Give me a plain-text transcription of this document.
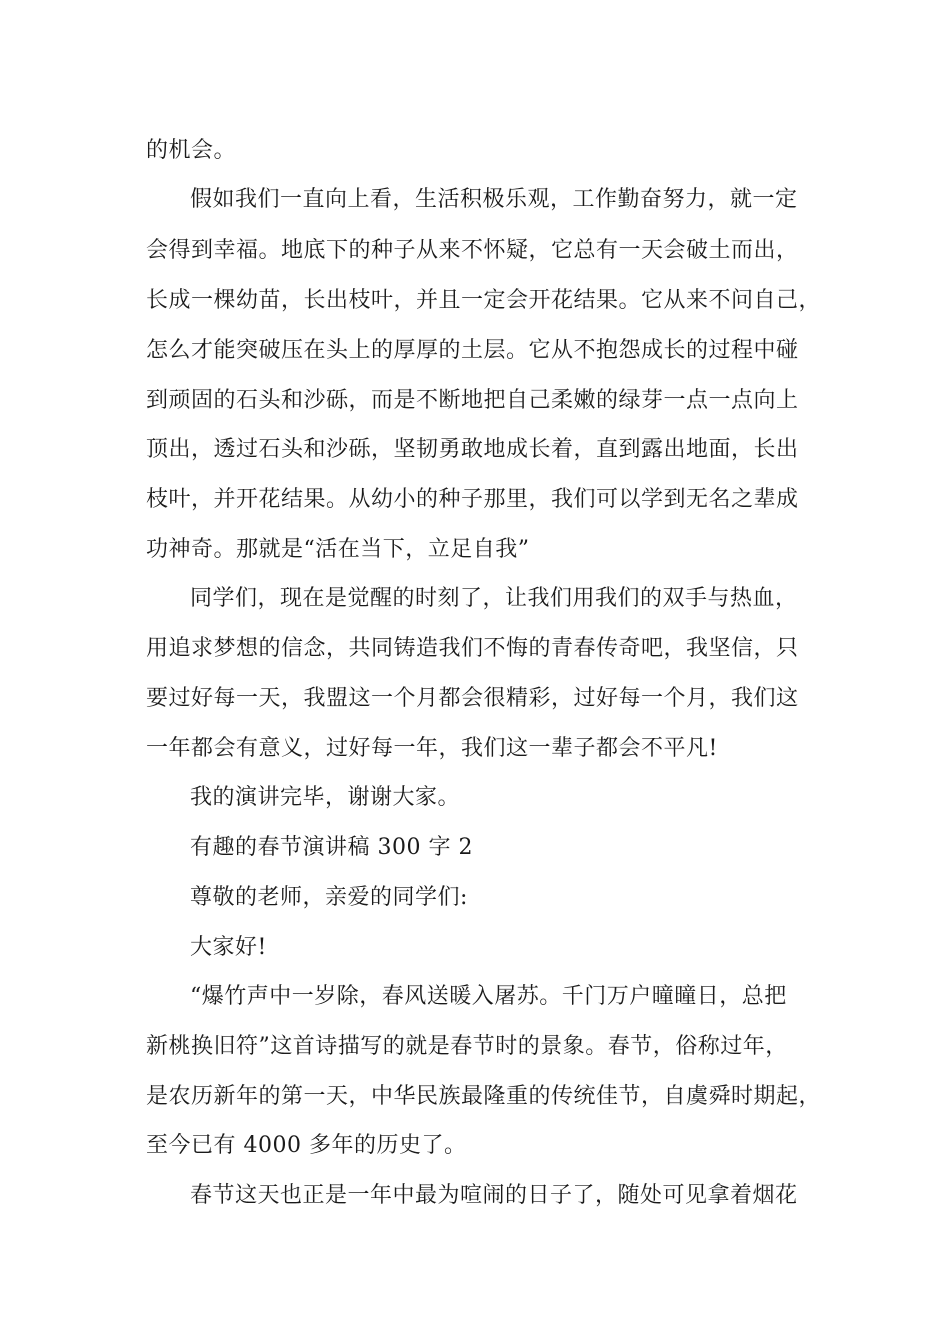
的机会。
假如我们一直向上看，生活积极乐观，工作勤奋努力，就一定
会得到幸福。地底下的种子从来不怀疑，它总有一天会破土而出，
长成一棵幼苗，长出枝叶，并且一定会开花结果。它从来不问自己，
怎么才能突破压在头上的厚厚的土层。它从不抱怨成长的过程中碰
到顽固的石头和沙砾，而是不断地把自己柔嫩的绿芽一点一点向上
顶出，透过石头和沙砾，坚韧勇敢地成长着，直到露出地面，长出
枝叶，并开花结果。从幼小的种子那里，我们可以学到无名之辈成
功神奇。那就是“活在当下，立足自我”
同学们，现在是觉醒的时刻了，让我们用我们的双手与热血，
用追求梦想的信念，共同铸造我们不悔的青春传奇吧，我坚信，只
要过好每一天，我盟这一个月都会很精彩，过好每一个月，我们这
一年都会有意义，过好每一年，我们这一辈子都会不平凡!
我的演讲完毕，谢谢大家。
有趣的春节演讲稿 300 字 2
尊敬的老师，亲爱的同学们:
大家好!
“爆竹声中一岁除，春风送暖入屠苏。千门万户曈曈日，总把
新桃换旧符”这首诗描写的就是春节时的景象。春节，俗称过年，
是农历新年的第一天，中华民族最隆重的传统佳节，自虞舜时期起，
至今已有 4000 多年的历史了。
春节这天也正是一年中最为喧闹的日子了，随处可见拿着烟花
